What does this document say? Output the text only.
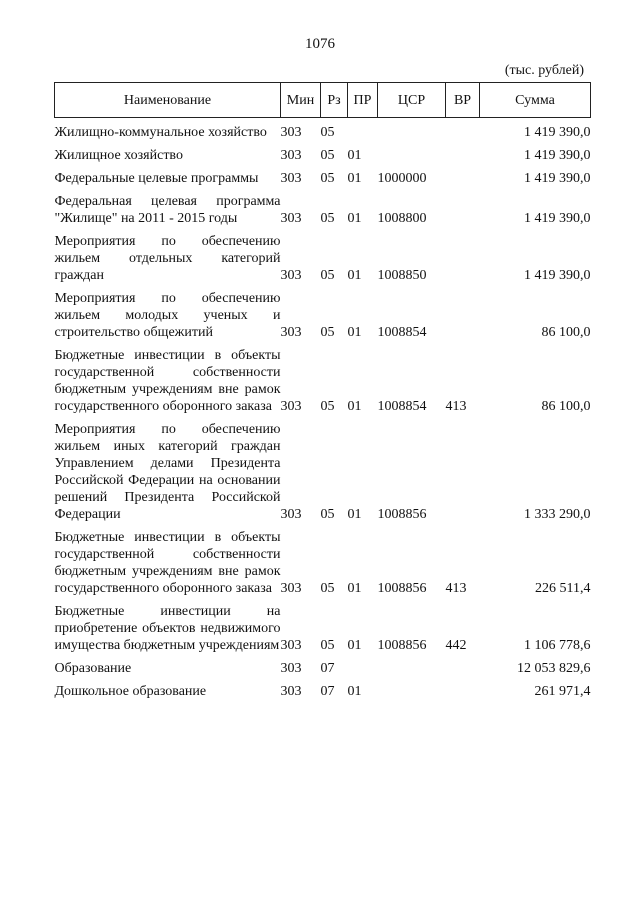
1076
(тыс. рублей)
Наименование	Мин	Рз	ПР	ЦСР	ВР	Сумма
Жилищно-коммунальное хозяйство	303	05				1 419 390,0
Жилищное хозяйство	303	05	01			1 419 390,0
Федеральные целевые программы	303	05	01	1000000		1 419 390,0
Федеральная целевая программа "Жилище" на 2011 - 2015 годы	303	05	01	1008800		1 419 390,0
Мероприятия по обеспечению жильем отдельных категорий граждан	303	05	01	1008850		1 419 390,0
Мероприятия по обеспечению жильем молодых ученых и строительство общежитий	303	05	01	1008854		86 100,0
Бюджетные инвестиции в объекты государственной собственности бюджетным учреждениям вне рамок государственного оборонного заказа	303	05	01	1008854	413	86 100,0
Мероприятия по обеспечению жильем иных категорий граждан Управлением делами Президента Российской Федерации на основании решений Президента Российской Федерации	303	05	01	1008856		1 333 290,0
Бюджетные инвестиции в объекты государственной собственности бюджетным учреждениям вне рамок государственного оборонного заказа	303	05	01	1008856	413	226 511,4
Бюджетные инвестиции на приобретение объектов недвижимого имущества бюджетным учреждениям	303	05	01	1008856	442	1 106 778,6
Образование	303	07				12 053 829,6
Дошкольное образование	303	07	01			261 971,4
